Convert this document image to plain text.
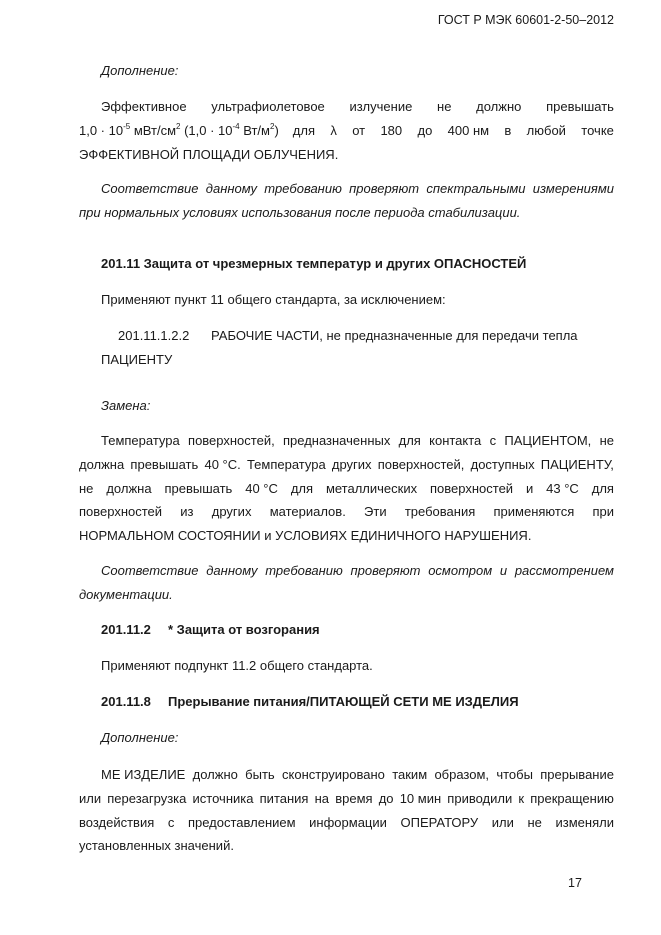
ГОСТ Р МЭК 60601-2-50–2012
Дополнение:
Эффективное ультрафиолетовое излучение не должно превышать
$1,0 \cdot 10^{-5}$ мВт/$см^2$ ($1,0 \cdot 10^{-4}$ $Вт/м^2$) для λ от 180 до 400 нм в любой точке
ЭФФЕКТИВНОЙ ПЛОЩАДИ ОБЛУЧЕНИЯ.
Соответствие данному требованию проверяют спектральными измерениями
при нормальных условиях использования после периода стабилизации.
201.11 Защита от чрезмерных температур и других ОПАСНОСТЕЙ
Применяют пункт 11 общего стандарта, за исключением:
201.11.1.2.2 РАБОЧИЕ ЧАСТИ, не предназначенные для передачи тепла
ПАЦИЕНТУ
Замена:
Температура поверхностей, предназначенных для контакта с ПАЦИЕНТОМ, не
должна превышать 40 °С. Температура других поверхностей, доступных ПАЦИЕНТУ,
не должна превышать 40 °С для металлических поверхностей и 43 °С для
поверхностей из других материалов. Эти требования применяются при
НОРМАЛЬНОМ СОСТОЯНИИ и УСЛОВИЯХ ЕДИНИЧНОГО НАРУШЕНИЯ.
Соответствие данному требованию проверяют осмотром и рассмотрением
документации.
201.11.2 * Защита от возгорания
Применяют подпункт 11.2 общего стандарта.
201.11.8 Прерывание питания/ПИТАЮЩЕЙ СЕТИ МЕ ИЗДЕЛИЯ
Дополнение:
МЕ ИЗДЕЛИЕ должно быть сконструировано таким образом, чтобы прерывание
или перезагрузка источника питания на время до 10 мин приводили к прекращению
воздействия с предоставлением информации ОПЕРАТОРУ или не изменяли
установленных значений.
17
